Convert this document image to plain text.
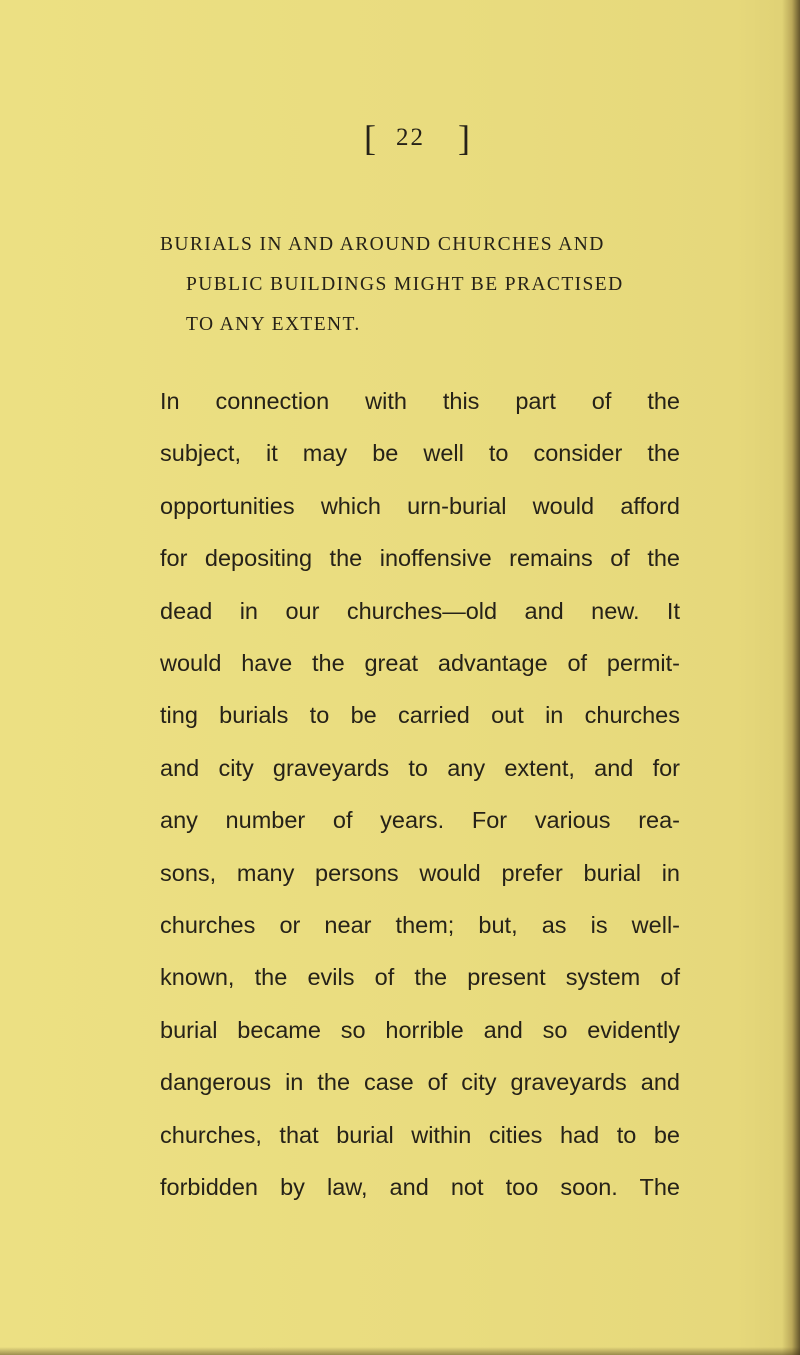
[ 22 ]
BURIALS IN AND AROUND CHURCHES AND
PUBLIC BUILDINGS MIGHT BE PRACTISED
TO ANY EXTENT.

In connection with this part of the
subject, it may be well to consider the
opportunities which urn-burial would afford
for depositing the inoffensive remains of the
dead in our churches—old and new. It
would have the great advantage of permit-
ting burials to be carried out in churches
and city graveyards to any extent, and for
any number of years. For various rea-
sons, many persons would prefer burial in
churches or near them; but, as is well-
known, the evils of the present system of
burial became so horrible and so evidently
dangerous in the case of city graveyards and
churches, that burial within cities had to be
forbidden by law, and not too soon. The
